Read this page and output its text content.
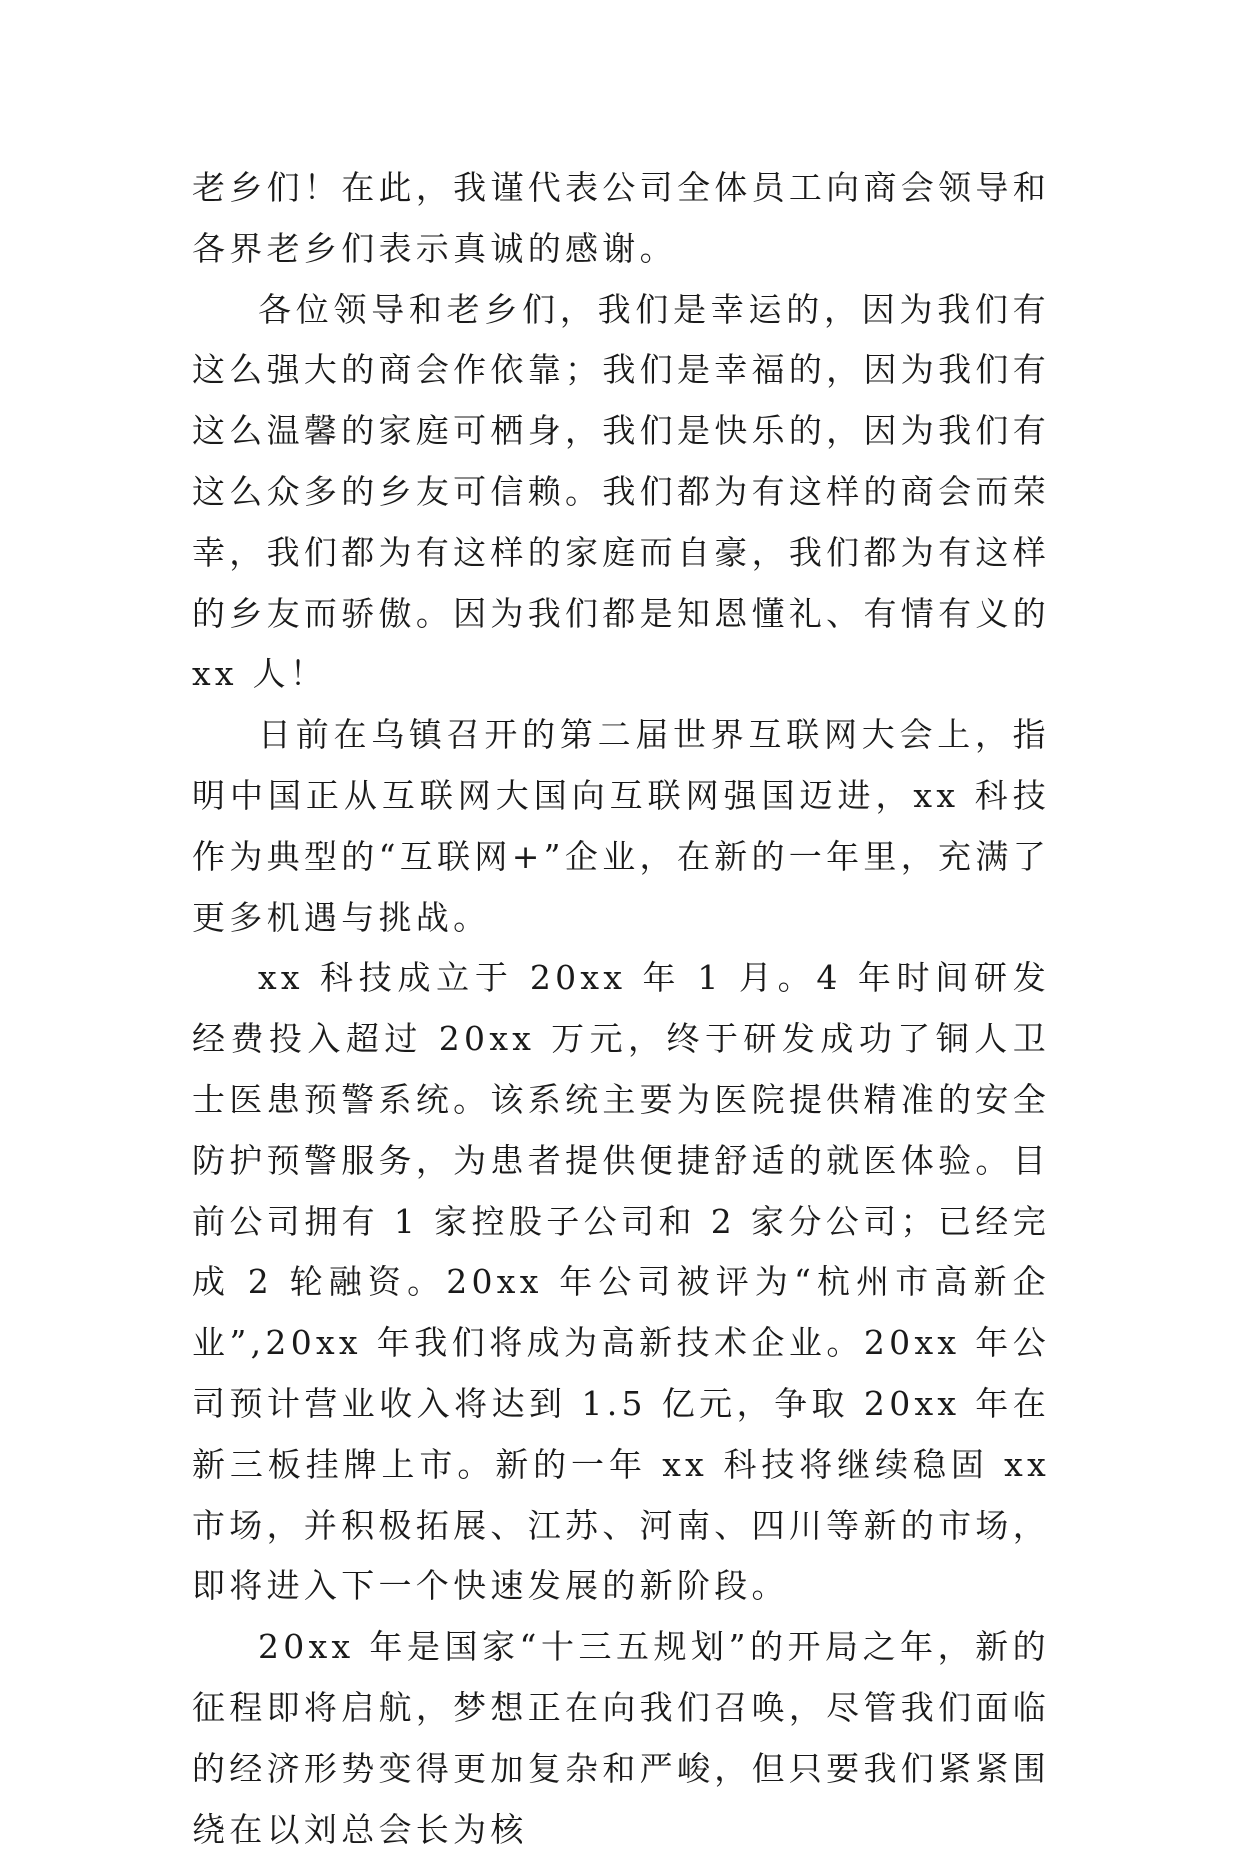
老乡们！在此，我谨代表公司全体员工向商会领导和各界老乡们表示真诚的感谢。

各位领导和老乡们，我们是幸运的，因为我们有这么强大的商会作依靠；我们是幸福的，因为我们有这么温馨的家庭可栖身，我们是快乐的，因为我们有这么众多的乡友可信赖。我们都为有这样的商会而荣幸，我们都为有这样的家庭而自豪，我们都为有这样的乡友而骄傲。因为我们都是知恩懂礼、有情有义的 xx 人！

日前在乌镇召开的第二届世界互联网大会上，指明中国正从互联网大国向互联网强国迈进，xx 科技作为典型的“互联网+”企业，在新的一年里，充满了更多机遇与挑战。

xx 科技成立于 20xx 年 1 月。4 年时间研发经费投入超过 20xx 万元，终于研发成功了铜人卫士医患预警系统。该系统主要为医院提供精准的安全防护预警服务，为患者提供便捷舒适的就医体验。目前公司拥有 1 家控股子公司和 2 家分公司；已经完成 2 轮融资。20xx 年公司被评为“杭州市高新企业”,20xx 年我们将成为高新技术企业。20xx 年公司预计营业收入将达到 1.5 亿元，争取 20xx 年在新三板挂牌上市。新的一年 xx 科技将继续稳固 xx 市场，并积极拓展、江苏、河南、四川等新的市场，即将进入下一个快速发展的新阶段。

20xx 年是国家“十三五规划”的开局之年，新的征程即将启航，梦想正在向我们召唤，尽管我们面临的经济形势变得更加复杂和严峻，但只要我们紧紧围绕在以刘总会长为核
